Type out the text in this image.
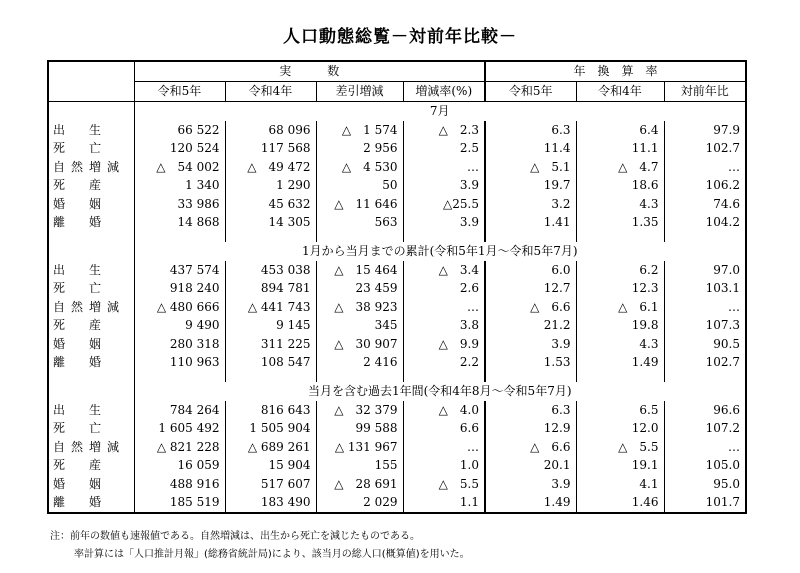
人口動態総覧－対前年比較－
	実　　　数				年　換　算　率		
	令和5年	令和4年	差引増減	増減率(%)	令和5年	令和4年	対前年比
	7月						

出 生	66 522	68 096	△　1 574	△　2.3	6.3	6.4	97.9

死 亡	120 524	117 568	2 956	2.5	11.4	11.1	102.7

自 然 増 減	△　54 002	△　49 472	△　4 530	…	△　5.1	△　4.7	…

死 産	1 340	1 290	50	3.9	19.7	18.6	106.2

婚 姻	33 986	45 632	△　11 646	△25.5	3.2	4.3	74.6

離 婚	14 868	14 305	563	3.9	1.41	1.35	104.2

	1月から当月までの累計(令和5年1月～令和5年7月)						

出 生	437 574	453 038	△　15 464	△　3.4	6.0	6.2	97.0

死 亡	918 240	894 781	23 459	2.6	12.7	12.3	103.1

自 然 増 減	△ 480 666	△ 441 743	△　38 923	…	△　6.6	△　6.1	…

死 産	9 490	9 145	345	3.8	21.2	19.8	107.3

婚 姻	280 318	311 225	△　30 907	△　9.9	3.9	4.3	90.5

離 婚	110 963	108 547	2 416	2.2	1.53	1.49	102.7

	当月を含む過去1年間(令和4年8月～令和5年7月)						

出 生	784 264	816 643	△　32 379	△　4.0	6.3	6.5	96.6

死 亡	1 605 492	1 505 904	99 588	6.6	12.9	12.0	107.2

自 然 増 減	△ 821 228	△ 689 261	△ 131 967	…	△　6.6	△　5.5	…

死 産	16 059	15 904	155	1.0	20.1	19.1	105.0

婚 姻	488 916	517 607	△　28 691	△　5.5	3.9	4.1	95.0

離 婚	185 519	183 490	2 029	1.1	1.49	1.46	101.7
注：前年の数値も速報値である。自然増減は、出生から死亡を減じたものである。
率計算には「人口推計月報」(総務省統計局)により、該当月の総人口(概算値)を用いた。
